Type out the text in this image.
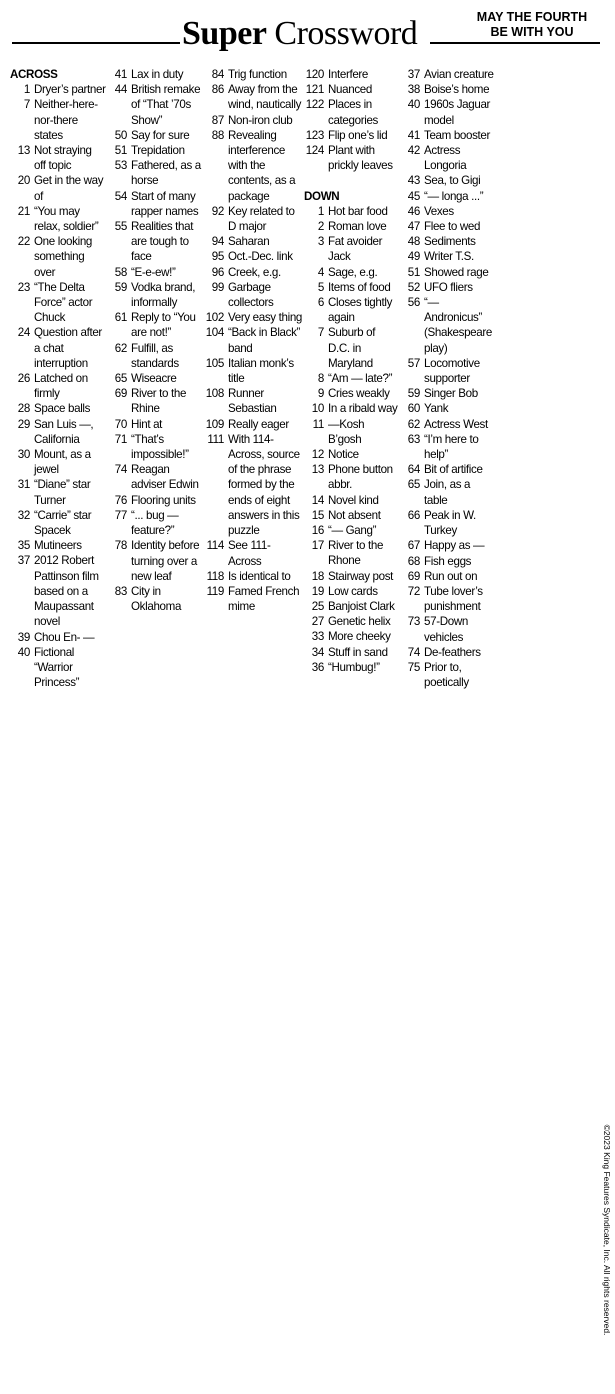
Super Crossword	MAY THE FOURTH
BE WITH YOU
ACROSS
1 Dryer’s partner
7 Neither-here-nor-there states
13 Not straying off topic
20 Get in the way of
21 “You may relax, soldier”
22 One looking something over
23 “The Delta Force” actor Chuck
24 Question after a chat interruption
26 Latched on firmly
28 Space balls
29 San Luis —, California
30 Mount, as a jewel
31 “Diane” star Turner
32 “Carrie” star Spacek
35 Mutineers
37 2012 Robert Pattinson film based on a Maupassant novel
39 Chou En- —
40 Fictional “Warrior Princess”
41 Lax in duty
44 British remake of “That ’70s Show”
50 Say for sure
51 Trepidation
53 Fathered, as a horse
54 Start of many rapper names
55 Realities that are tough to face
58 “E-e-ew!”
59 Vodka brand, informally
61 Reply to “You are not!”
62 Fulfill, as standards
65 Wiseacre
69 River to the Rhine
70 Hint at
71 “That’s impossible!”
74 Reagan adviser Edwin
76 Flooring units
77 “... bug — feature?”
78 Identity before turning over a new leaf
83 City in Oklahoma
84 Trig function
86 Away from the wind, nautically
87 Non-iron club
88 Revealing interference with the contents, as a package
92 Key related to D major
94 Saharan
95 Oct.-Dec. link
96 Creek, e.g.
99 Garbage collectors
102 Very easy thing
104 “Back in Black” band
105 Italian monk’s title
108 Runner Sebastian
109 Really eager
111 With 114-Across, source of the phrase formed by the ends of eight answers in this puzzle
114 See 111-Across
118 Is identical to
119 Famed French mime
120 Interfere
121 Nuanced
122 Places in categories
123 Flip one’s lid
124 Plant with prickly leaves
DOWN
1 Hot bar food
2 Roman love
3 Fat avoider Jack
4 Sage, e.g.
5 Items of food
6 Closes tightly again
7 Suburb of D.C. in Maryland
8 “Am — late?”
9 Cries weakly
10 In a ribald way
11 —Kosh B’gosh
12 Notice
13 Phone button abbr.
14 Novel kind
15 Not absent
16 “— Gang”
17 River to the Rhone
18 Stairway post
19 Low cards
25 Banjoist Clark
27 Genetic helix
33 More cheeky
34 Stuff in sand
36 “Humbug!”
37 Avian creature
38 Boise’s home
40 1960s Jaguar model
41 Team booster
42 Actress Longoria
43 Sea, to Gigi
45 “— longa ...”
46 Vexes
47 Flee to wed
48 Sediments
49 Writer T.S.
51 Showed rage
52 UFO fliers
56 “— Andronicus” (Shakespeare play)
57 Locomotive supporter
59 Singer Bob
60 Yank
62 Actress West
63 “I’m here to help”
64 Bit of artifice
65 Join, as a table
66 Peak in W. Turkey
67 Happy as —
68 Fish eggs
69 Run out on
72 Tube lover’s punishment
73 57-Down vehicles
74 De-feathers
75 Prior to, poetically
©2023 King Features Syndicate, Inc. All rights reserved.
